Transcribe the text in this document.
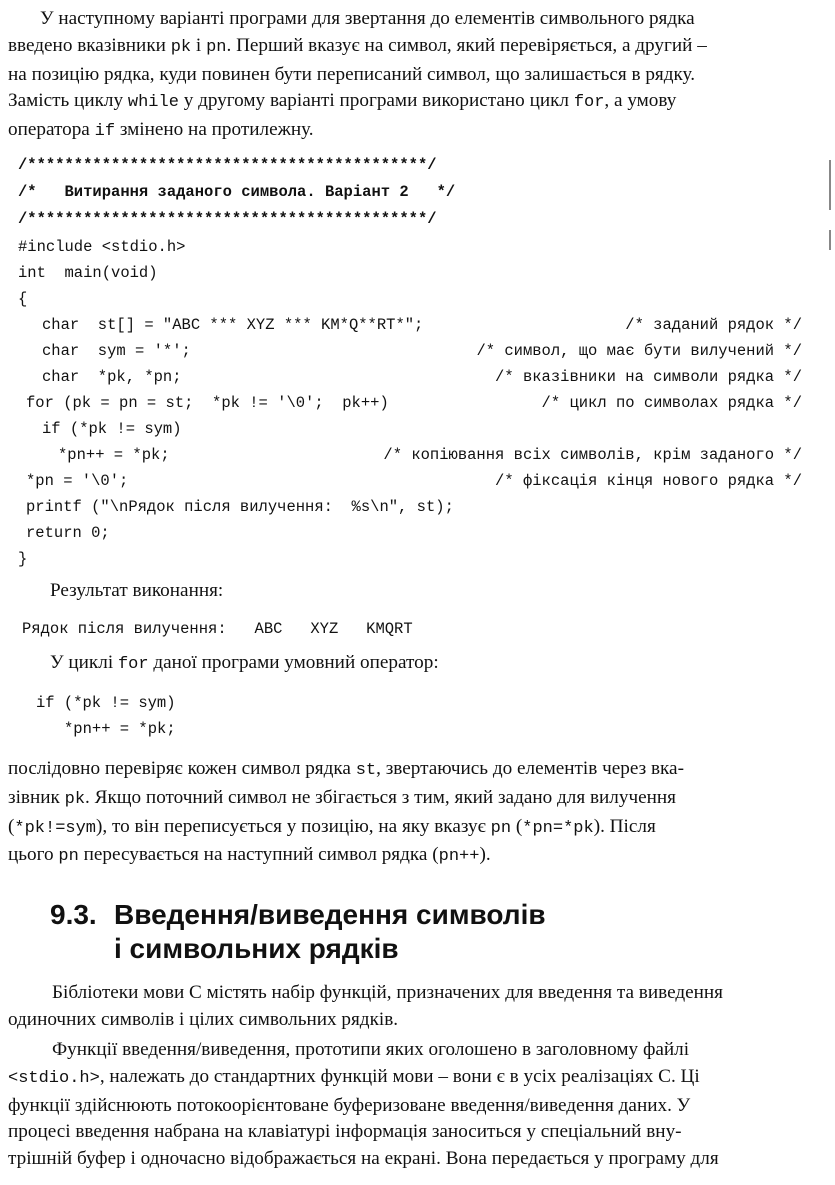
У наступному варіанті програми для звертання до елементів символьного рядка
введено вказівники pk і pn. Перший вказує на символ, який перевіряється, а другий –
на позицію рядка, куди повинен бути переписаний символ, що залишається в рядку.
Замість циклу while у другому варіанті програми використано цикл for, а умову
оператора if змінено на протилежну.

/*******************************************/

/*   Витирання заданого символа. Варіант 2   */

/*******************************************/

#include <stdio.h>
int  main(void)
{
char  st[] = "ABC *** XYZ *** KM*Q**RT*";	/* заданий рядок */
char  sym = '*';	/* символ, що має бути вилучений */
char  *pk, *pn;	/* вказівники на символи рядка */
for (pk = pn = st;  *pk != '\0';  pk++)	/* цикл по символах рядка */
if (*pk != sym)
*pn++ = *pk;	/* копіювання всіх символів, крім заданого */
*pn = '\0';	/* фіксація кінця нового рядка */
printf ("\nРядок після вилучення:  %s\n", st);
return 0;
}

Результат виконання:
Рядок після вилучення:   ABC   XYZ   KMQRT
У циклі for даної програми умовний оператор:

if (*pk != sym)

*pn++ = *pk;

послідовно перевіряє кожен символ рядка st, звертаючись до елементів через вка-
зівник pk. Якщо поточний символ не збігається з тим, який задано для вилучення
(*pk!=sym), то він переписується у позицію, на яку вказує pn (*pn=*pk). Після
цього pn пересувається на наступний символ рядка (pn++).
9.3. Введення/виведення символів
і символьних рядків
Бібліотеки мови С містять набір функцій, призначених для введення та виведення
одиночних символів і цілих символьних рядків.
Функції введення/виведення, прототипи яких оголошено в заголовному файлі
<stdio.h>, належать до стандартних функцій мови – вони є в усіх реалізаціях С. Ці
функції здійснюють потокоорієнтоване буферизоване введення/виведення даних. У
процесі введення набрана на клавіатурі інформація заноситься у спеціальний вну-
трішній буфер і одночасно відображається на екрані. Вона передається у програму для
